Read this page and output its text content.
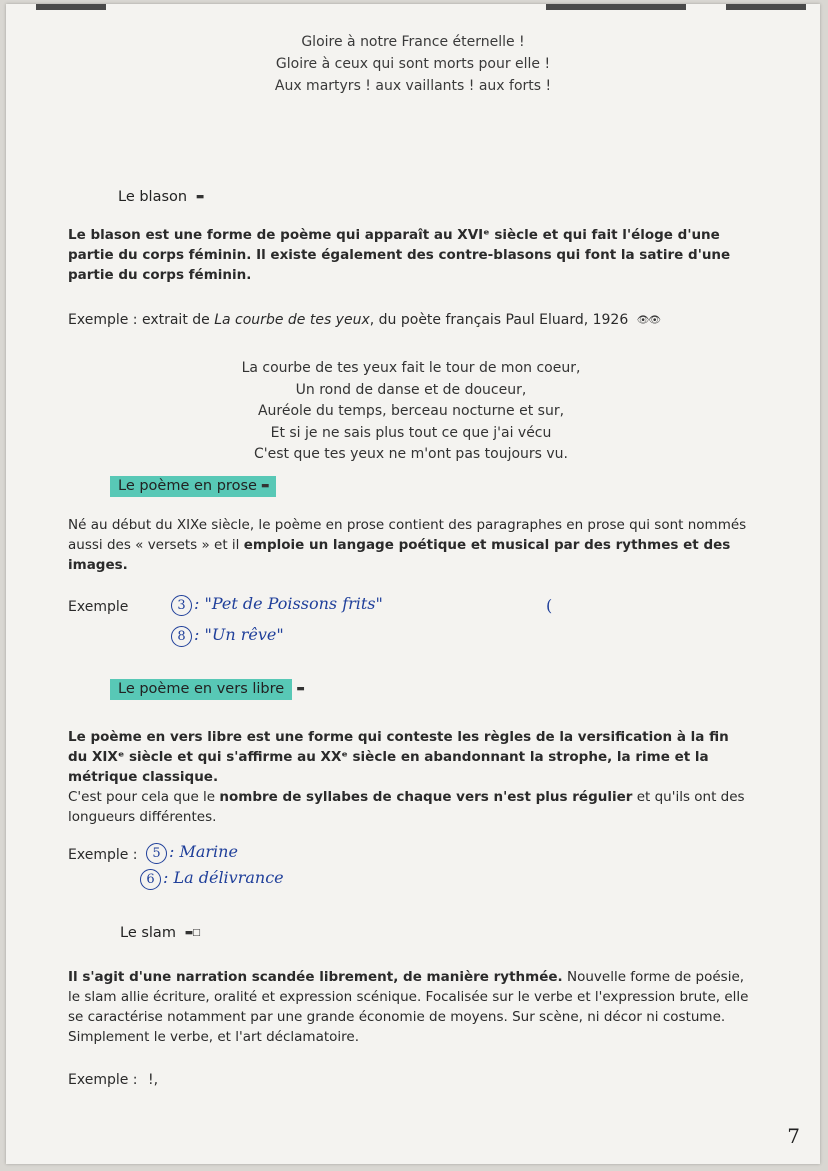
Gloire à notre France éternelle !
Gloire à ceux qui sont morts pour elle !
Aux martyrs ! aux vaillants ! aux forts !
Le blason ▬

Le blason est une forme de poème qui apparaît au XVIᵉ siècle et qui fait l'éloge d'une partie du corps féminin. Il existe également des contre-blasons qui font la satire d'une partie du corps féminin.

Exemple : extrait de La courbe de tes yeux, du poète français Paul Eluard, 1926 👁👁
La courbe de tes yeux fait le tour de mon coeur,
Un rond de danse et de douceur,
Auréole du temps, berceau nocturne et sur,
Et si je ne sais plus tout ce que j'ai vécu
C'est que tes yeux ne m'ont pas toujours vu.
Le poème en prose ▬

Né au début du XIXe siècle, le poème en prose contient des paragraphes en prose qui sont nommés aussi des « versets » et il emploie un langage poétique et musical par des rythmes et des images.

Exemple	3 : "Pet de Poissons frits"
8 : "Un rêve"
(
Le poème en vers libre ▬

Le poème en vers libre est une forme qui conteste les règles de la versification à la fin du XIXᵉ siècle et qui s'affirme au XXᵉ siècle en abandonnant la strophe, la rime et la métrique classique.

C'est pour cela que le nombre de syllabes de chaque vers n'est plus régulier et qu'ils ont des longueurs différentes.

Exemple :	5 : Marine
6 : La délivrance
Le slam ▬□

Il s'agit d'une narration scandée librement, de manière rythmée. Nouvelle forme de poésie, le slam allie écriture, oralité et expression scénique. Focalisée sur le verbe et l'expression brute, elle se caractérise notamment par une grande économie de moyens. Sur scène, ni décor ni costume. Simplement le verbe, et l'art déclamatoire.

Exemple : !,
7
